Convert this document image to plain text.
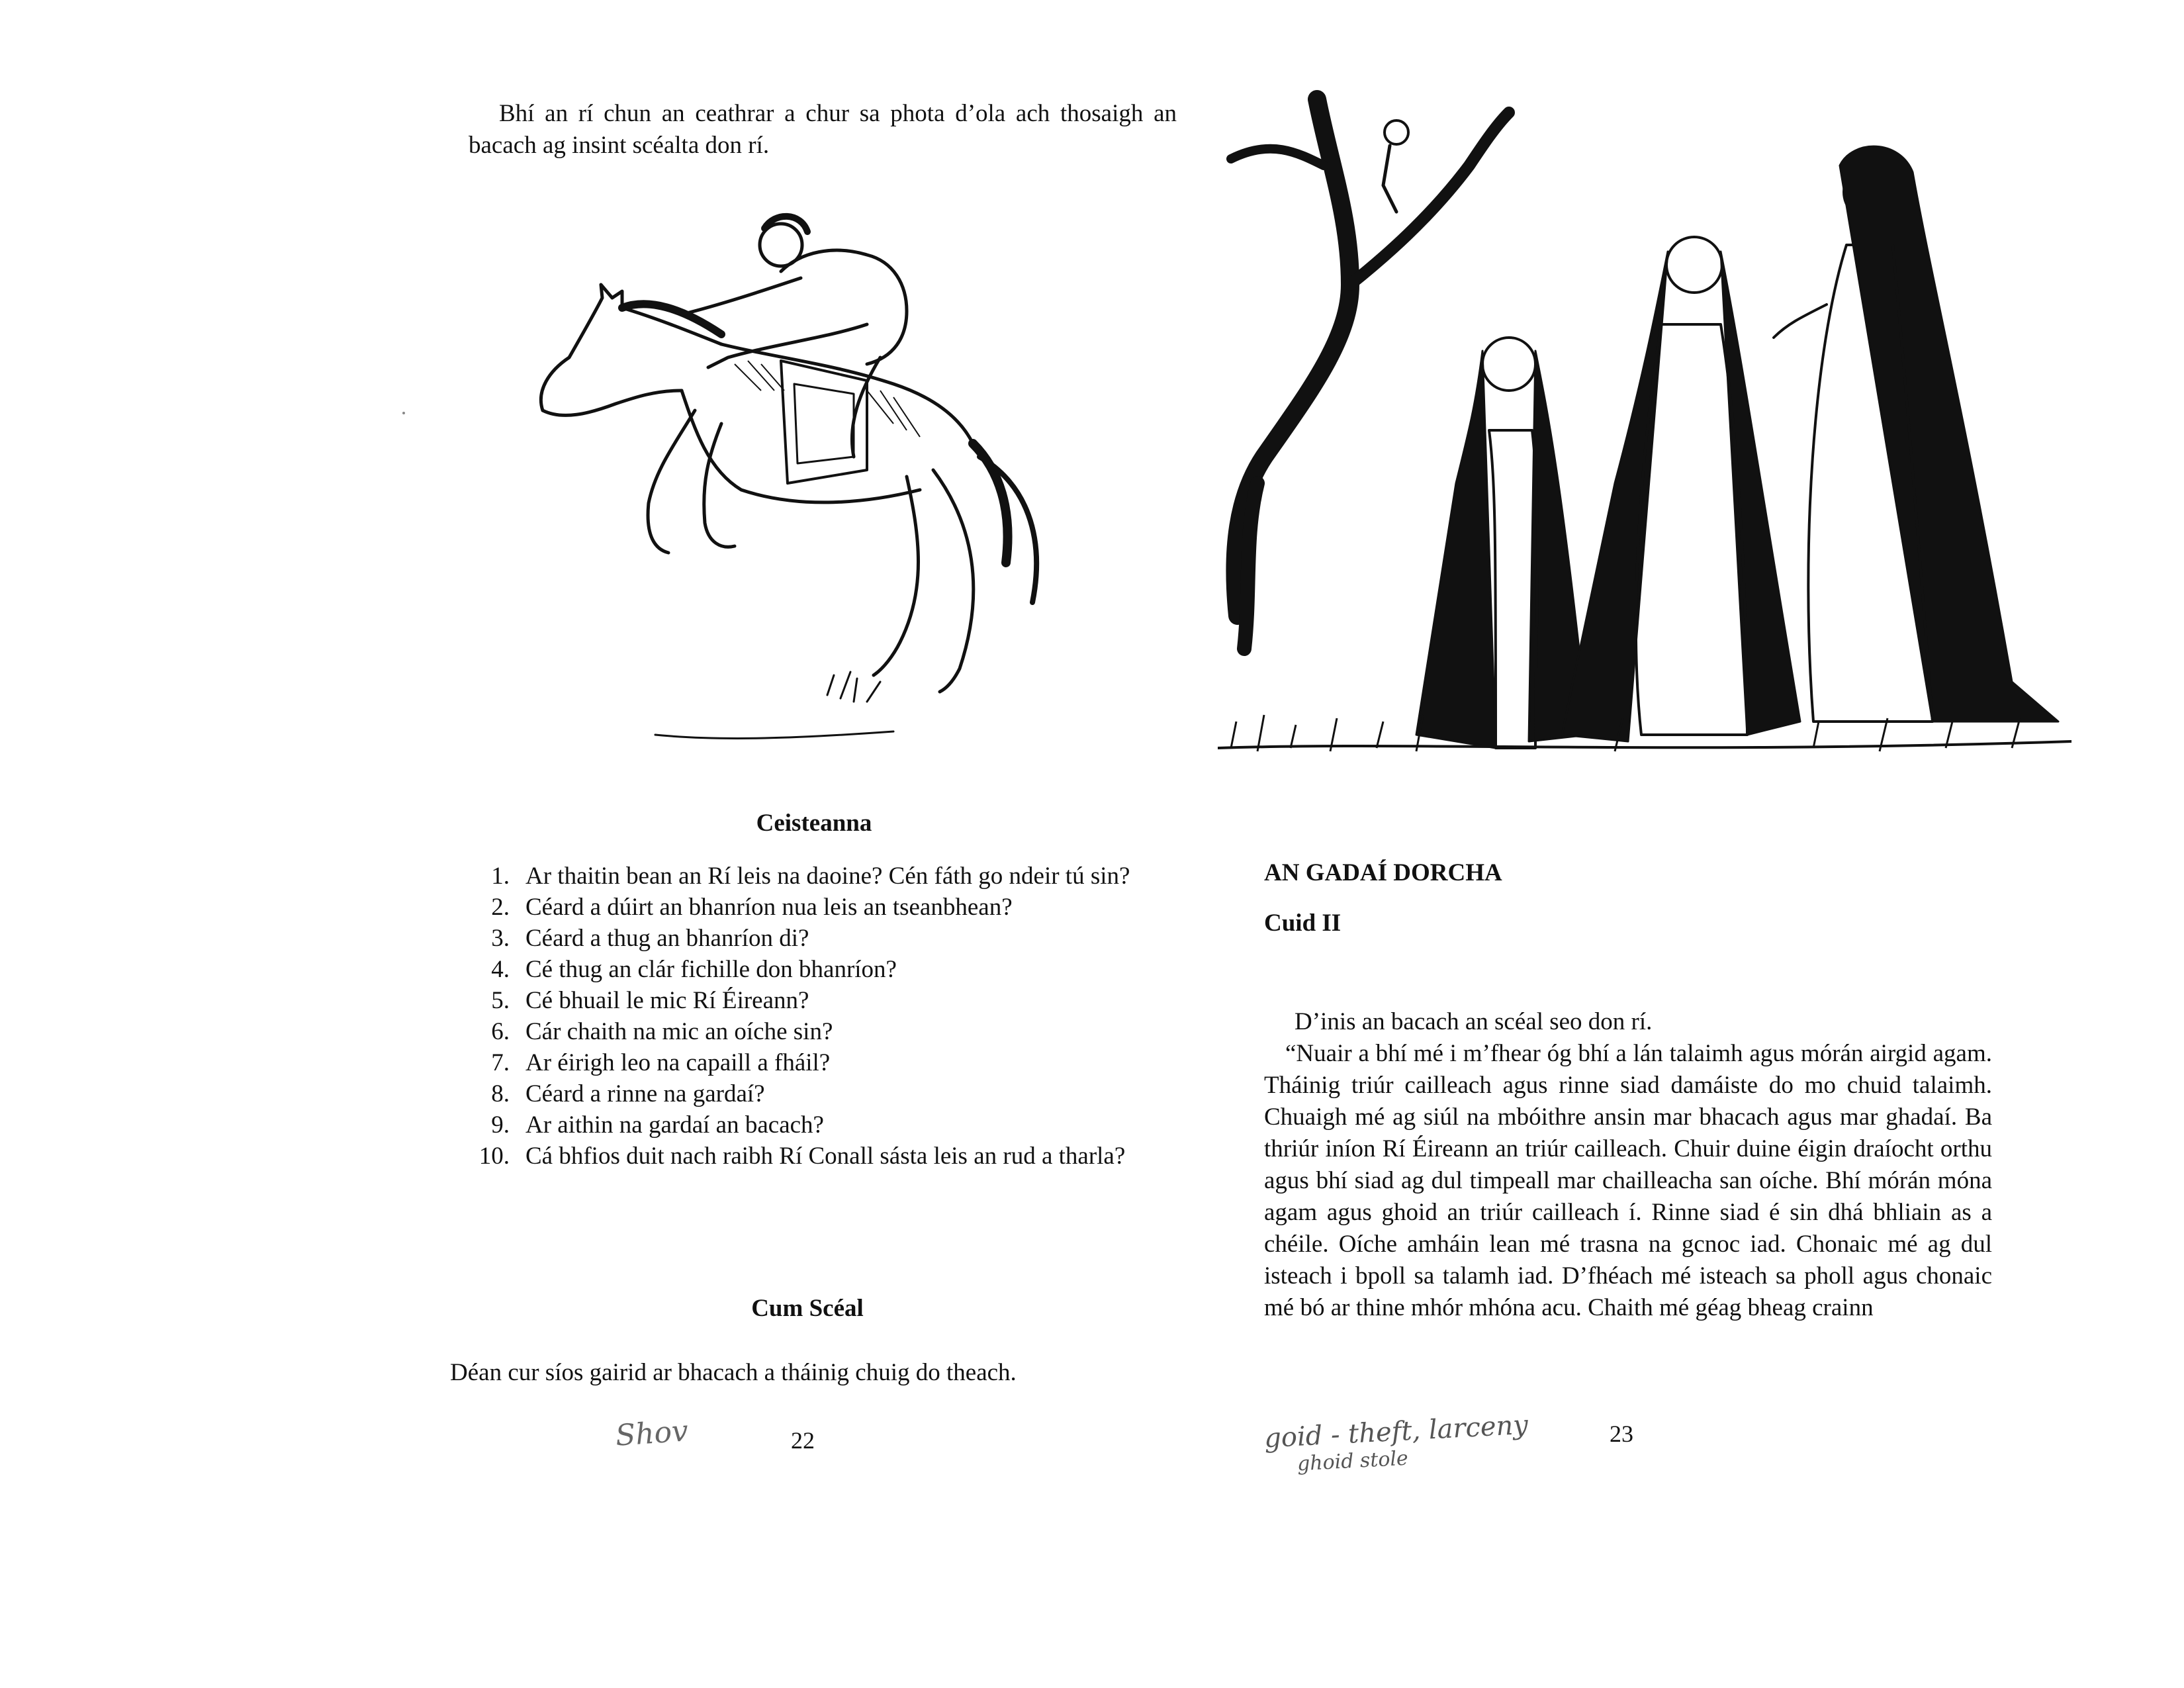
Bhí an rí chun an ceathrar a chur sa phota d’ola ach thosaigh an bacach ag insint scéalta don rí.
Ceisteanna
1. Ar thaitin bean an Rí leis na daoine? Cén fáth go ndeir tú sin?
2. Céard a dúirt an bhanríon nua leis an tseanbhean?
3. Céard a thug an bhanríon di?
4. Cé thug an clár fichille don bhanríon?
5. Cé bhuail le mic Rí Éireann?
6. Cár chaith na mic an oíche sin?
7. Ar éirigh leo na capaill a fháil?
8. Céard a rinne na gardaí?
9. Ar aithin na gardaí an bacach?
10. Cá bhfios duit nach raibh Rí Conall sásta leis an rud a tharla?
Cum Scéal
Déan cur síos gairid ar bhacach a tháinig chuig do theach.
Shov	22
AN GADAÍ DORCHA
Cuid II
D’inis an bacach an scéal seo don rí.
“Nuair a bhí mé i m’fhear óg bhí a lán talaimh agus mórán airgid agam. Tháinig triúr cailleach agus rinne siad damáiste do mo chuid talaimh. Chuaigh mé ag siúl na mbóithre ansin mar bhacach agus mar ghadaí. Ba thriúr iníon Rí Éireann an triúr cailleach. Chuir duine éigin draíocht orthu agus bhí siad ag dul timpeall mar chailleacha san oíche. Bhí mórán móna agam agus ghoid an triúr cailleach í. Rinne siad é sin dhá bhliain as a chéile. Oíche amháin lean mé trasna na gcnoc iad. Chonaic mé ag dul isteach i bpoll sa talamh iad. D’fhéach mé isteach sa pholl agus chonaic mé bó ar thine mhór mhóna acu. Chaith mé géag bheag crainn
goid - theft, larceny
ghoid stole
23
